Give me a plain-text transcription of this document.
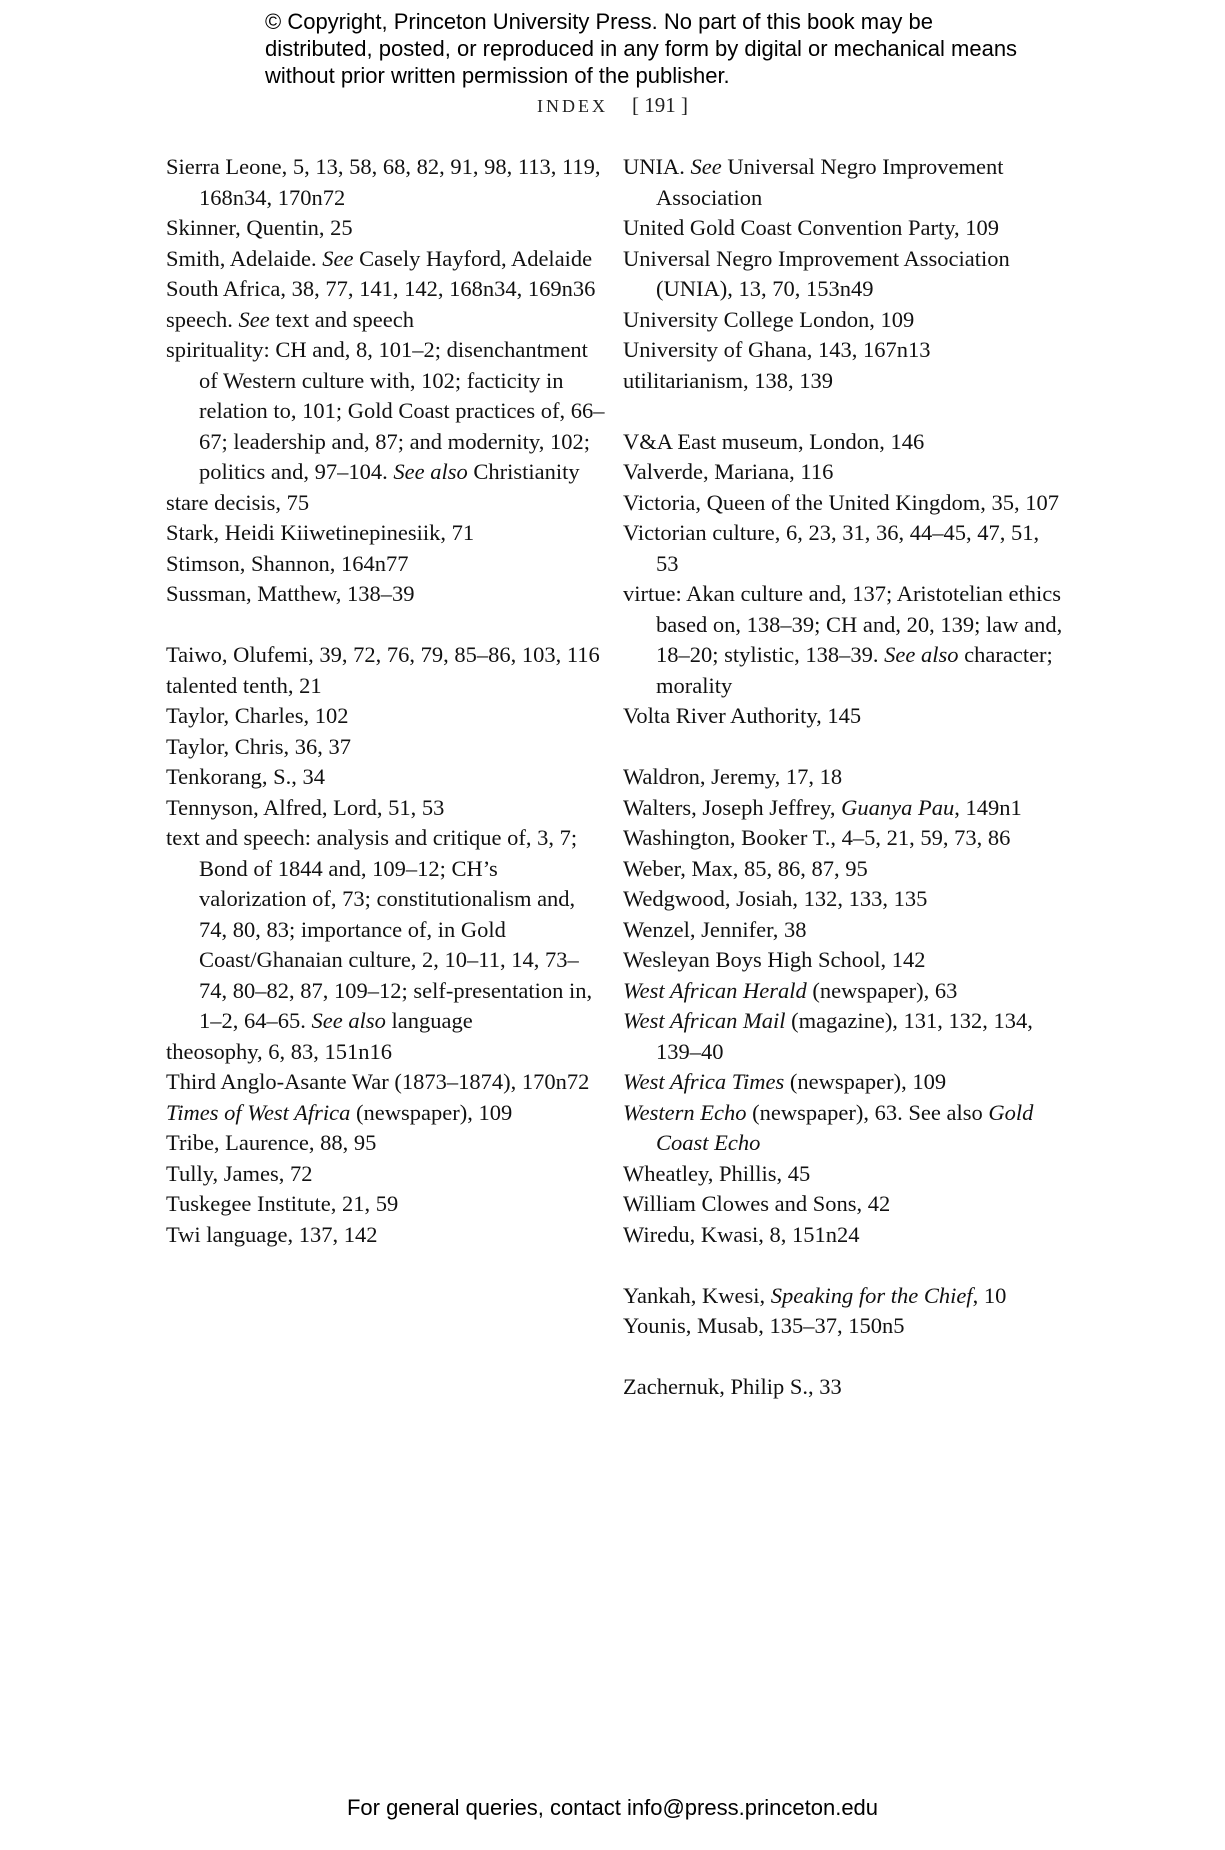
© Copyright, Princeton University Press. No part of this book may be distributed, posted, or reproduced in any form by digital or mechanical means without prior written permission of the publisher.
INDEX [ 191 ]

Sierra Leone, 5, 13, 58, 68, 82, 91, 98, 113, 119, 168n34, 170n72

Skinner, Quentin, 25

Smith, Adelaide. See Casely Hayford, Adelaide

South Africa, 38, 77, 141, 142, 168n34, 169n36

speech. See text and speech

spirituality: CH and, 8, 101–2; disenchantment of Western culture with, 102; facticity in relation to, 101; Gold Coast practices of, 66–67; leadership and, 87; and modernity, 102; politics and, 97–104. See also Christianity

stare decisis, 75

Stark, Heidi Kiiwetinepinesiik, 71

Stimson, Shannon, 164n77

Sussman, Matthew, 138–39

Taiwo, Olufemi, 39, 72, 76, 79, 85–86, 103, 116

talented tenth, 21

Taylor, Charles, 102

Taylor, Chris, 36, 37

Tenkorang, S., 34

Tennyson, Alfred, Lord, 51, 53

text and speech: analysis and critique of, 3, 7; Bond of 1844 and, 109–12; CH’s valorization of, 73; constitutionalism and, 74, 80, 83; importance of, in Gold Coast/Ghanaian culture, 2, 10–11, 14, 73–74, 80–82, 87, 109–12; self-presentation in, 1–2, 64–65. See also language

theosophy, 6, 83, 151n16

Third Anglo-Asante War (1873–1874), 170n72

Times of West Africa (newspaper), 109

Tribe, Laurence, 88, 95

Tully, James, 72

Tuskegee Institute, 21, 59

Twi language, 137, 142

UNIA. See Universal Negro Improvement Association

United Gold Coast Convention Party, 109

Universal Negro Improvement Association (UNIA), 13, 70, 153n49

University College London, 109

University of Ghana, 143, 167n13

utilitarianism, 138, 139

V&A East museum, London, 146

Valverde, Mariana, 116

Victoria, Queen of the United Kingdom, 35, 107

Victorian culture, 6, 23, 31, 36, 44–45, 47, 51, 53

virtue: Akan culture and, 137; Aristotelian ethics based on, 138–39; CH and, 20, 139; law and, 18–20; stylistic, 138–39. See also character; morality

Volta River Authority, 145

Waldron, Jeremy, 17, 18

Walters, Joseph Jeffrey, Guanya Pau, 149n1

Washington, Booker T., 4–5, 21, 59, 73, 86

Weber, Max, 85, 86, 87, 95

Wedgwood, Josiah, 132, 133, 135

Wenzel, Jennifer, 38

Wesleyan Boys High School, 142

West African Herald (newspaper), 63

West African Mail (magazine), 131, 132, 134, 139–40

West Africa Times (newspaper), 109

Western Echo (newspaper), 63. See also Gold Coast Echo

Wheatley, Phillis, 45

William Clowes and Sons, 42

Wiredu, Kwasi, 8, 151n24

Yankah, Kwesi, Speaking for the Chief, 10

Younis, Musab, 135–37, 150n5

Zachernuk, Philip S., 33

For general queries, contact info@press.princeton.edu
